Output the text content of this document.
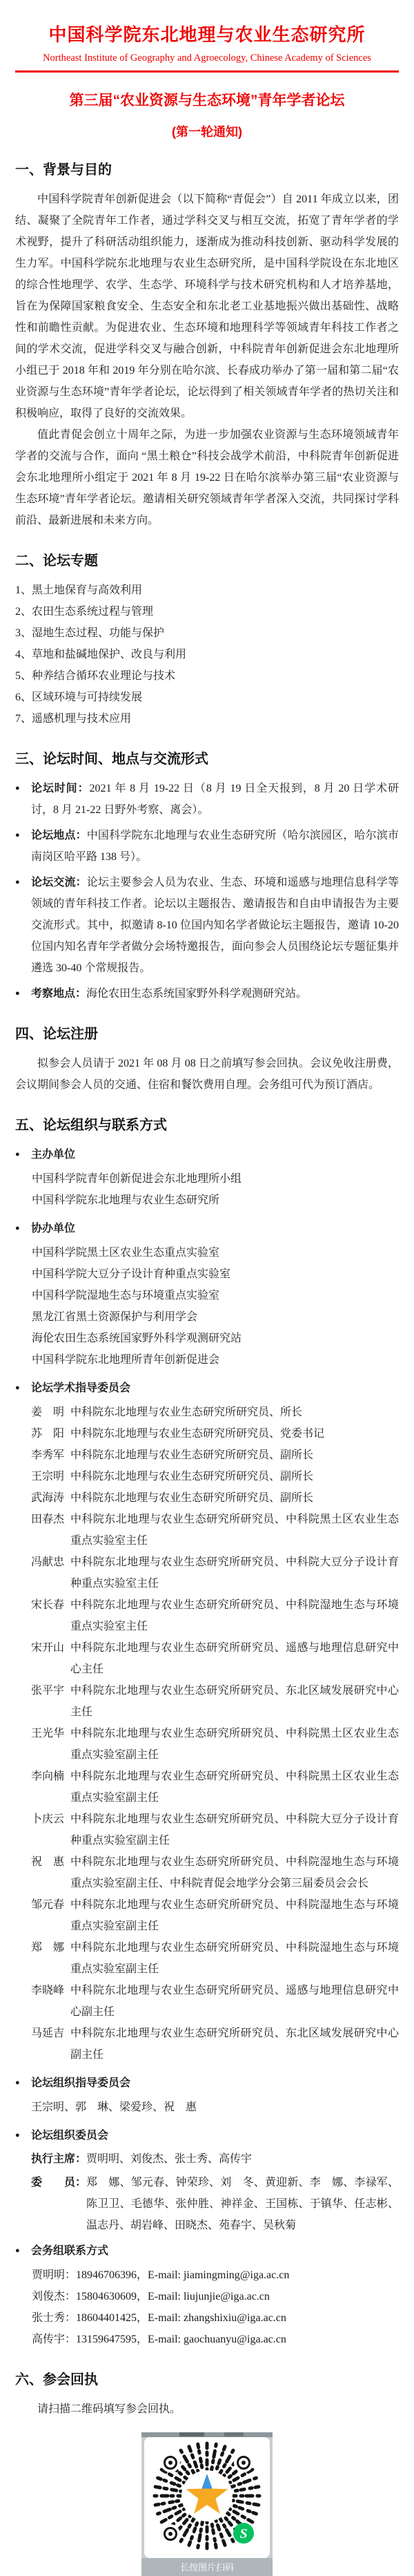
中国科学院东北地理与农业生态研究所
Northeast Institute of Geography and Agroecology, Chinese Academy of Sciences
第三届“农业资源与生态环境”青年学者论坛
(第一轮通知)
一、背景与目的

中国科学院青年创新促进会（以下简称“青促会”）自 2011 年成立以来，团结、凝聚了全院青年工作者，通过学科交叉与相互交流，拓宽了青年学者的学术视野，提升了科研活动组织能力，逐渐成为推动科技创新、驱动科学发展的生力军。中国科学院东北地理与农业生态研究所，是中国科学院设在东北地区的综合性地理学、农学、生态学、环境科学与技术研究机构和人才培养基地，旨在为保障国家粮食安全、生态安全和东北老工业基地振兴做出基础性、战略性和前瞻性贡献。为促进农业、生态环境和地理科学等领域青年科技工作者之间的学术交流，促进学科交叉与融合创新，中科院青年创新促进会东北地理所小组已于 2018 年和 2019 年分别在哈尔滨、长春成功举办了第一届和第二届“农业资源与生态环境”青年学者论坛，论坛得到了相关领域青年学者的热切关注和积极响应，取得了良好的交流效果。

值此青促会创立十周年之际，为进一步加强农业资源与生态环境领域青年学者的交流与合作，面向 “黑土粮仓”科技会战学术前沿，中科院青年创新促进会东北地理所小组定于 2021 年 8 月 19-22 日在哈尔滨举办第三届“农业资源与生态环境”青年学者论坛。邀请相关研究领域青年学者深入交流，共同探讨学科前沿、最新进展和未来方向。

二、论坛专题
1、黑土地保育与高效利用
2、农田生态系统过程与管理
3、湿地生态过程、功能与保护
4、草地和盐碱地保护、改良与利用
5、种养结合循环农业理论与技术
6、区域环境与可持续发展
7、遥感机理与技术应用
三、论坛时间、地点与交流形式
●	论坛时间：2021 年 8 月 19-22 日（8 月 19 日全天报到，8 月 20 日学术研讨，8 月 21-22 日野外考察、离会）。
●	论坛地点：中国科学院东北地理与农业生态研究所（哈尔滨园区，哈尔滨市南岗区哈平路 138 号）。
●	论坛交流：论坛主要参会人员为农业、生态、环境和遥感与地理信息科学等领域的青年科技工作者。论坛以主题报告、邀请报告和自由申请报告为主要交流形式。其中，拟邀请 8-10 位国内知名学者做论坛主题报告，邀请 10-20 位国内知名青年学者做分会场特邀报告，面向参会人员围绕论坛专题征集并遴选 30-40 个常规报告。
●	考察地点：海伦农田生态系统国家野外科学观测研究站。
四、论坛注册

拟参会人员请于 2021 年 08 月 08 日之前填写参会回执。会议免收注册费，会议期间参会人员的交通、住宿和餐饮费用自理。会务组可代为预订酒店。

五、论坛组织与联系方式
●	主办单位
中国科学院青年创新促进会东北地理所小组
中国科学院东北地理与农业生态研究所
●	协办单位
中国科学院黑土区农业生态重点实验室
中国科学院大豆分子设计育种重点实验室
中国科学院湿地生态与环境重点实验室
黑龙江省黑土资源保护与利用学会
海伦农田生态系统国家野外科学观测研究站
中国科学院东北地理所青年创新促进会
●	论坛学术指导委员会
姜　明 中科院东北地理与农业生态研究所研究员、所长
苏　阳 中科院东北地理与农业生态研究所研究员、党委书记
李秀军 中科院东北地理与农业生态研究所研究员、副所长
王宗明 中科院东北地理与农业生态研究所研究员、副所长
武海涛 中科院东北地理与农业生态研究所研究员、副所长
田春杰 中科院东北地理与农业生态研究所研究员、中科院黑土区农业生态重点实验室主任
冯献忠 中科院东北地理与农业生态研究所研究员、中科院大豆分子设计育种重点实验室主任
宋长春 中科院东北地理与农业生态研究所研究员、中科院湿地生态与环境重点实验室主任
宋开山 中科院东北地理与农业生态研究所研究员、遥感与地理信息研究中心主任
张平宇 中科院东北地理与农业生态研究所研究员、东北区域发展研究中心主任
王光华 中科院东北地理与农业生态研究所研究员、中科院黑土区农业生态重点实验室副主任
李向楠 中科院东北地理与农业生态研究所研究员、中科院黑土区农业生态重点实验室副主任
卜庆云 中科院东北地理与农业生态研究所研究员、中科院大豆分子设计育种重点实验室副主任
祝　惠 中科院东北地理与农业生态研究所研究员、中科院湿地生态与环境重点实验室副主任、中科院青促会地学分会第三届委员会会长
邹元春 中科院东北地理与农业生态研究所研究员、中科院湿地生态与环境重点实验室副主任
郑　娜 中科院东北地理与农业生态研究所研究员、中科院湿地生态与环境重点实验室副主任
李晓峰 中科院东北地理与农业生态研究所研究员、遥感与地理信息研究中心副主任
马延吉 中科院东北地理与农业生态研究所研究员、东北区域发展研究中心副主任
●	论坛组织指导委员会
王宗明、郭　琳、梁爱珍、祝　惠
●	论坛组织委员会
执行主席： 贾明明、刘俊杰、张士秀、高传宇
委　　员： 郑　娜、邹元春、钟荣珍、刘　冬、黄迎新、李　娜、李禄军、陈卫卫、毛德华、张仲胜、神祥金、王国栋、于镇华、任志彬、温志丹、胡岩峰、田晓杰、苑春宇、吴秋菊
●	会务组联系方式
贾明明：18946706396，E-mail: jiamingming@iga.ac.cn
刘俊杰：15804630609，E-mail: liujunjie@iga.ac.cn
张士秀：18604401425，E-mail: zhangshixiu@iga.ac.cn
高传宇：13159647595，E-mail: gaochuanyu@iga.ac.cn
六、参会回执

请扫描二维码填写参会回执。

S
长按图片扫码
